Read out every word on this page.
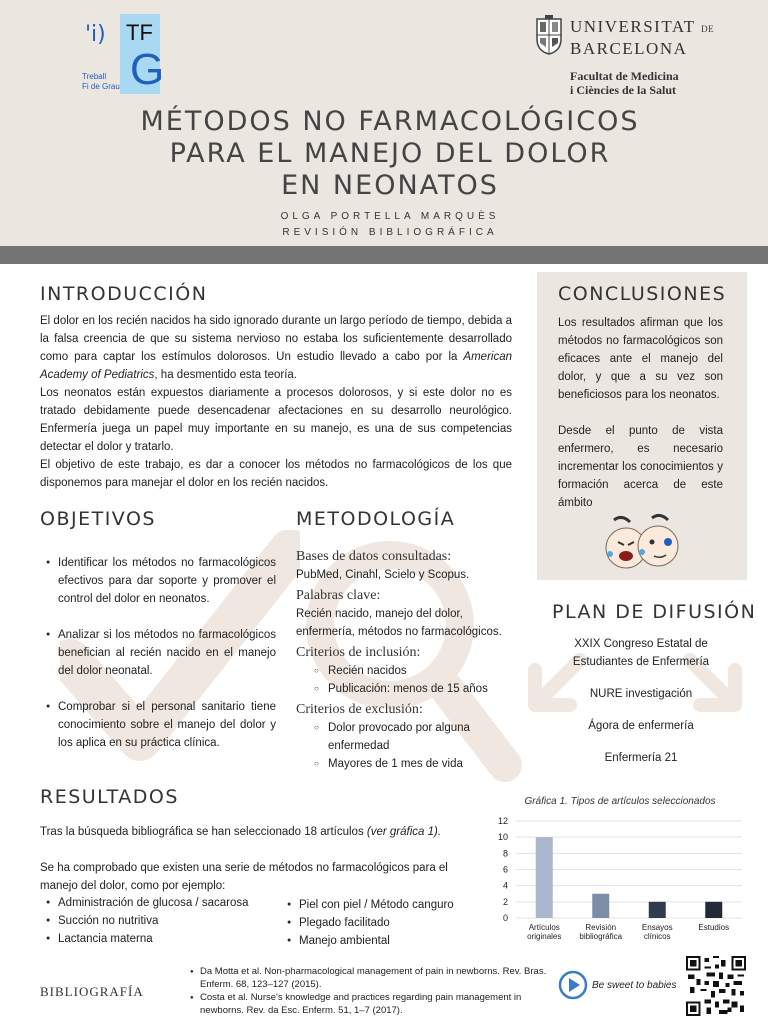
'i) TF
G
Treball
Fi de Grau
UNIVERSITAT DE
BARCELONA
Facultat de Medicina
i Ciències de la Salut
MÉTODOS NO FARMACOLÓGICOS
PARA EL MANEJO DEL DOLOR
EN NEONATOS
OLGA PORTELLA MARQUÈS
REVISIÓN BIBLIOGRÁFICA
INTRODUCCIÓN

El dolor en los recién nacidos ha sido ignorado durante un largo período de tiempo, debida a la falsa creencia de que su sistema nervioso no estaba los suficientemente desarrollado como para captar los estímulos dolorosos. Un estudio llevado a cabo por la American Academy of Pediatrics, ha desmentido esta teoría.

Los neonatos están expuestos diariamente a procesos dolorosos, y si este dolor no es tratado debidamente puede desencadenar afectaciones en su desarrollo neurológico. Enfermería juega un papel muy importante en su manejo, es una de sus competencias detectar el dolor y tratarlo.

El objetivo de este trabajo, es dar a conocer los métodos no farmacológicos de los que disponemos para manejar el dolor en los recién nacidos.

CONCLUSIONES

Los resultados afirman que los métodos no farmacológicos son eficaces ante el manejo del dolor, y que a su vez son beneficiosos para los neonatos.

Desde el punto de vista enfermero, es necesario incrementar los conocimientos y formación acerca de este ámbito

OBJETIVOS
● Identificar los métodos no farmacológicos efectivos para dar soporte y promover el control del dolor en neonatos.
● Analizar si los métodos no farmacológicos benefician al recién nacido en el manejo del dolor neonatal.
● Comprobar si el personal sanitario tiene conocimiento sobre el manejo del dolor y los aplica en su práctica clínica.
METODOLOGÍA
Bases de datos consultadas:
PubMed, Cinahl, Scielo y Scopus.
Palabras clave:
Recién nacido, manejo del dolor, enfermería, métodos no farmacológicos.
Criterios de inclusión:
○ Recién nacidos
○ Publicación: menos de 15 años
Criterios de exclusión:
○ Dolor provocado por alguna enfermedad
○ Mayores de 1 mes de vida
PLAN DE DIFUSIÓN
XXIX Congreso Estatal de Estudiantes de Enfermería
NURE investigación
Ágora de enfermería
Enfermería 21
RESULTADOS

Tras la búsqueda bibliográfica se han seleccionado 18 artículos (ver gráfica 1).

Se ha comprobado que existen una serie de métodos no farmacológicos para el manejo del dolor, como por ejemplo:

● Administración de glucosa / sacarosa
● Succión no nutritiva
● Lactancia materna
● Piel con piel / Método canguro
● Plegado facilitado
● Manejo ambiental
Gráfica 1. Tipos de artículos seleccionados
0
2
4
6
8
10
12
Artículos
originales
Revisión
bibliográfica
Ensayos
clínicos
Estudios
BIBLIOGRAFÍA
● Da Motta et al. Non-pharmacological management of pain in newborns. Rev. Bras. Enferm. 68, 123–127 (2015).
● Costa et al. Nurse's knowledge and practices regarding pain management in newborns. Rev. da Esc. Enferm. 51, 1–7 (2017).
Be sweet to babies
